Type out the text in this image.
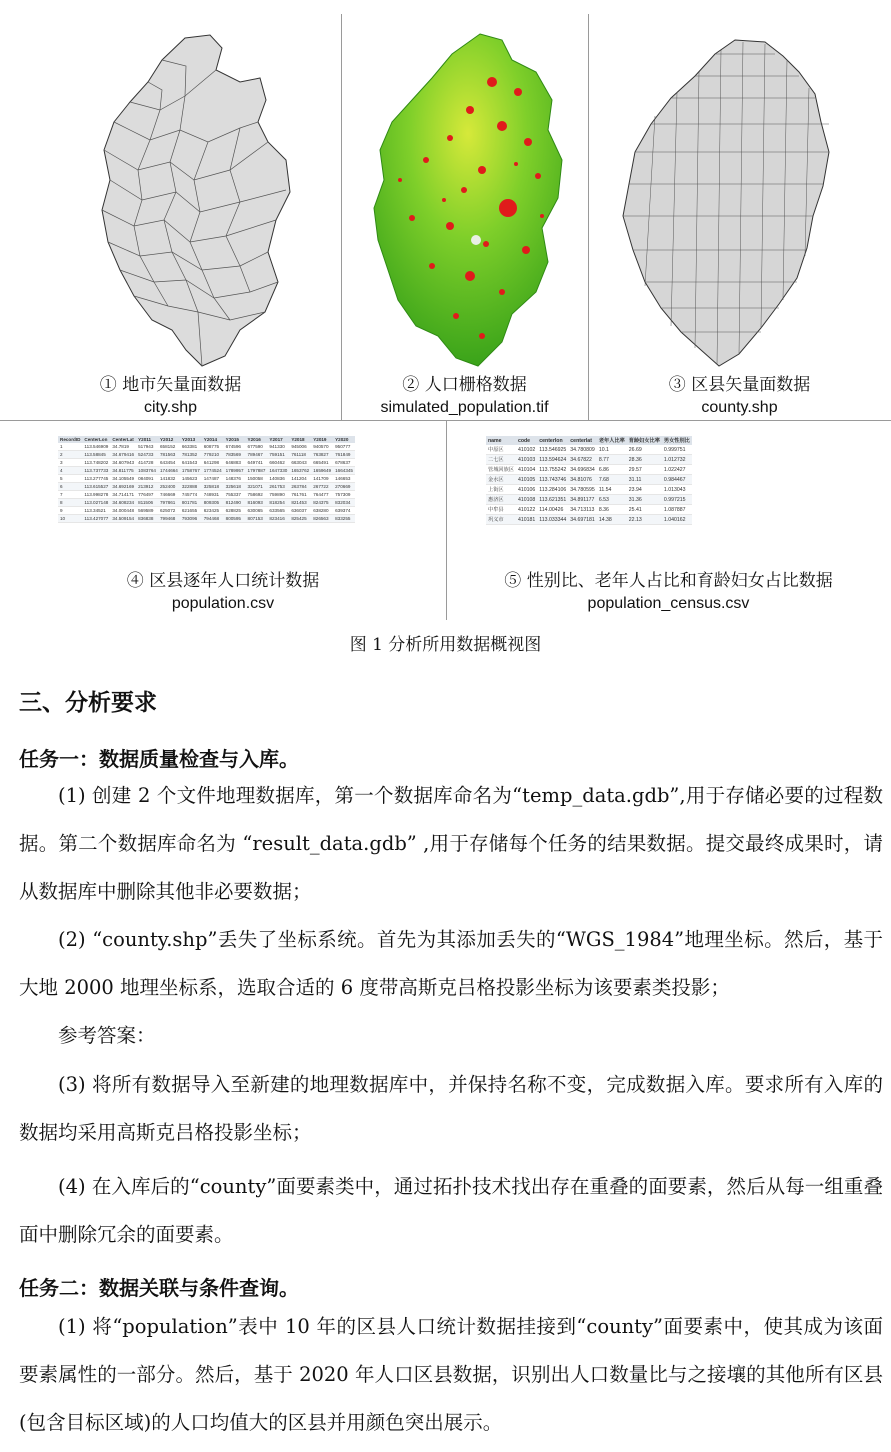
① 地市矢量面数据
city.shp
② 人口栅格数据
simulated_population.tif
③ 区县矢量面数据
county.shp
RecordID	CenterLon	CenterLat	Y2011	Y2012	Y2013	Y2014	Y2015	Y2016	Y2017	Y2018	Y2019	Y2020
1	113.546909	34.7819	517943	658152	663381	608775	674596	677590	941330	945006	940570	950777
2	113.58845	34.679416	524733	781563	781352	779210	783569	789467	759151	761118	763827	761849
3	113.748202	34.607943	414728	643454	641543	641298	646883	649741	660462	663043	665491	678637
4	113.737733	34.811775	1083764	1744664	1758767	1774524	1789957	1797887	1647330	1653762	1659649	1664345
5	113.277745	34.105549	084091	141832	145623	147487	148376	150058	140836	141204	141709	146653
6	113.615527	34.692169	213912	252400	322888	325818	325618	321071	261753	263784	267722	270669
7	113.998278	34.714171	776497	746669	745774	748931	755337	758692	759890	761761	764477	757309
8	113.027148	34.608234	811506	797861	801781	809305	812490	816093	818254	821453	824375	832034
9	113.34521	34.000448	569589	625072	621655	623425	628825	630065	633565	636037	638280	639374
10	113.427077	34.509154	836838	799468	793096	794468	800595	807153	823416	825425	826563	833255
④ 区县逐年人口统计数据
population.csv
name	code	centerlon	centerlat	老年人比率	育龄妇女比率	男女性别比
中原区	410102	113.546925	34.780809	10.1	26.69	0.999751
二七区	410103	113.594624	34.67822	8.77	28.36	1.012732
管城回族区	410104	113.755242	34.696834	6.86	29.57	1.022427
金水区	410105	113.743746	34.81076	7.68	31.11	0.984467
上街区	410106	113.284106	34.780595	11.54	23.94	1.013043
惠济区	410108	113.621351	34.891177	6.53	31.36	0.997215
中牟县	410122	114.00426	34.713113	8.36	25.41	1.087887
巩义市	410181	113.033344	34.697181	14.38	22.13	1.040162
⑤ 性别比、老年人占比和育龄妇女占比数据
population_census.csv
图 1 分析所用数据概视图
三、分析要求
任务一：数据质量检查与入库。
(1) 创建 2 个文件地理数据库，第一个数据库命名为“temp_data.gdb”,用于存储必要的过程数据。第二个数据库命名为 “result_data.gdb” ,用于存储每个任务的结果数据。提交最终成果时，请从数据库中删除其他非必要数据；
(2) “county.shp”丢失了坐标系统。首先为其添加丢失的“WGS_1984”地理坐标。然后，基于大地 2000 地理坐标系，选取合适的 6 度带高斯克吕格投影坐标为该要素类投影；
参考答案：
(3) 将所有数据导入至新建的地理数据库中，并保持名称不变，完成数据入库。要求所有入库的数据均采用高斯克吕格投影坐标；
(4) 在入库后的“county”面要素类中，通过拓扑技术找出存在重叠的面要素，然后从每一组重叠面中删除冗余的面要素。
任务二：数据关联与条件查询。
(1) 将“population”表中 10 年的区县人口统计数据挂接到“county”面要素中，使其成为该面要素属性的一部分。然后，基于 2020 年人口区县数据，识别出人口数量比与之接壤的其他所有区县(包含目标区域)的人口均值大的区县并用颜色突出展示。
